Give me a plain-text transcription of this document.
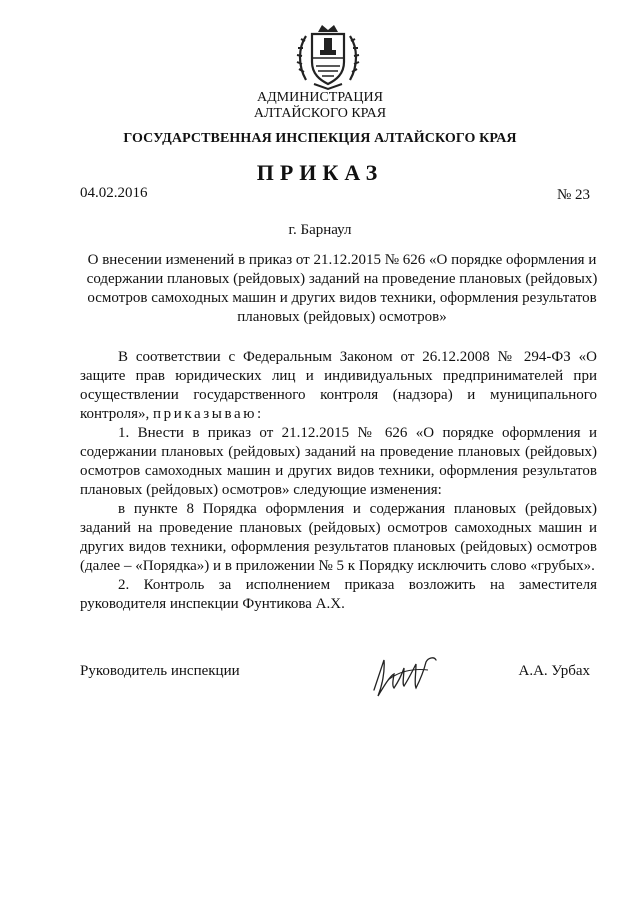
АДМИНИСТРАЦИЯ
АЛТАЙСКОГО КРАЯ
ГОСУДАРСТВЕННАЯ ИНСПЕКЦИЯ АЛТАЙСКОГО КРАЯ
ПРИКАЗ
04.02.2016	№ 23
г. Барнаул
О внесении изменений в приказ от 21.12.2015 № 626 «О порядке оформления и содержании плановых (рейдовых) заданий на проведение плановых (рейдовых) осмотров самоходных машин и других видов техники, оформления результатов плановых (рейдовых) осмотров»

В соответствии с Федеральным Законом от 26.12.2008 № 294-ФЗ «О защите прав юридических лиц и индивидуальных предпринимателей при осуществлении государственного контроля (надзора) и муниципального контроля», приказываю:

1. Внести в приказ от 21.12.2015 № 626 «О порядке оформления и содержании плановых (рейдовых) заданий на проведение плановых (рейдовых) осмотров самоходных машин и других видов техники, оформления результатов плановых (рейдовых) осмотров» следующие изменения:

в пункте 8 Порядка оформления и содержания плановых (рейдовых) заданий на проведение плановых (рейдовых) осмотров самоходных машин и других видов техники, оформления результатов плановых (рейдовых) осмотров (далее – «Порядка») и в приложении № 5 к Порядку исключить слово «грубых».

2. Контроль за исполнением приказа возложить на заместителя руководителя инспекции Фунтикова А.Х.

Руководитель инспекции	А.А. Урбах
